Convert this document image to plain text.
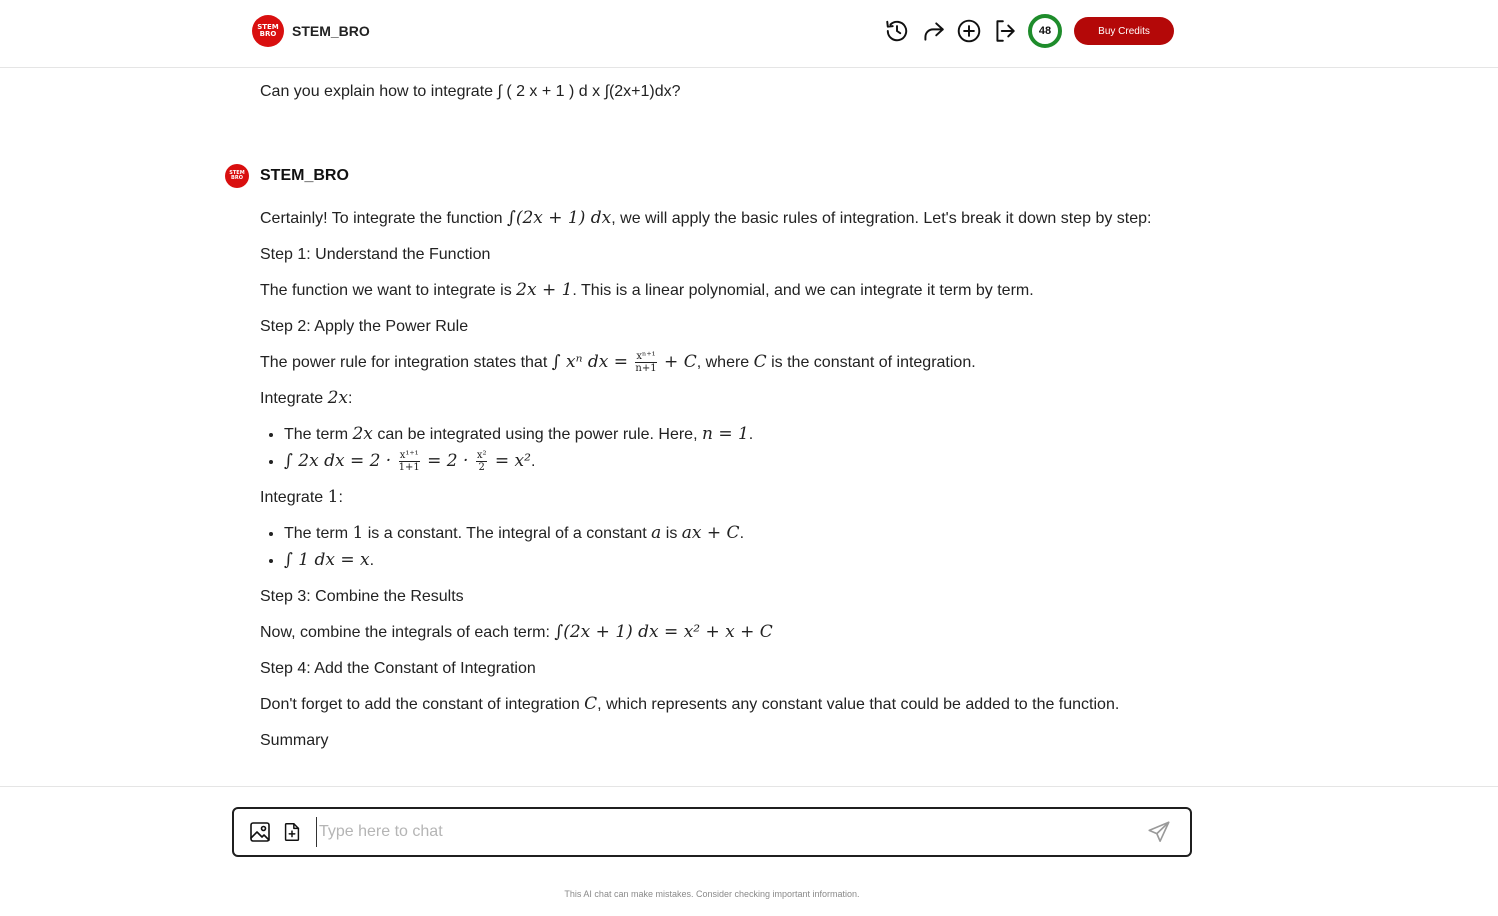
STEM
BRO STEM_BRO	48	Buy Credits
Can you explain how to integrate ∫ ( 2 x + 1 ) d x ∫(2x+1)dx?
STEM
BRO STEM_BRO

Certainly! To integrate the function ∫(2x + 1) dx, we will apply the basic rules of integration. Let's break it down step by step:

Step 1: Understand the Function

The function we want to integrate is 2x + 1. This is a linear polynomial, and we can integrate it term by term.

Step 2: Apply the Power Rule

The power rule for integration states that ∫ xⁿ dx = $\frac{\text{xⁿ⁺¹}}{n+1} + C$, where C is the constant of integration.

Integrate 2x:

• The term 2x can be integrated using the power rule. Here, n = 1.
• ∫ 2x dx = $2 \cdot \frac{\text{x¹⁺¹}}{1+1} = 2 \cdot \frac{\text{x²}}{2} = x^2$.

Integrate 1:

• The term 1 is a constant. The integral of a constant a is ax + C.
• ∫ 1 dx = x.

Step 3: Combine the Results

Now, combine the integrals of each term: ∫(2x + 1) dx = x² + x + C

Step 4: Add the Constant of Integration

Don't forget to add the constant of integration C, which represents any constant value that could be added to the function.

Summary

Type here to chat
This AI chat can make mistakes. Consider checking important information.
